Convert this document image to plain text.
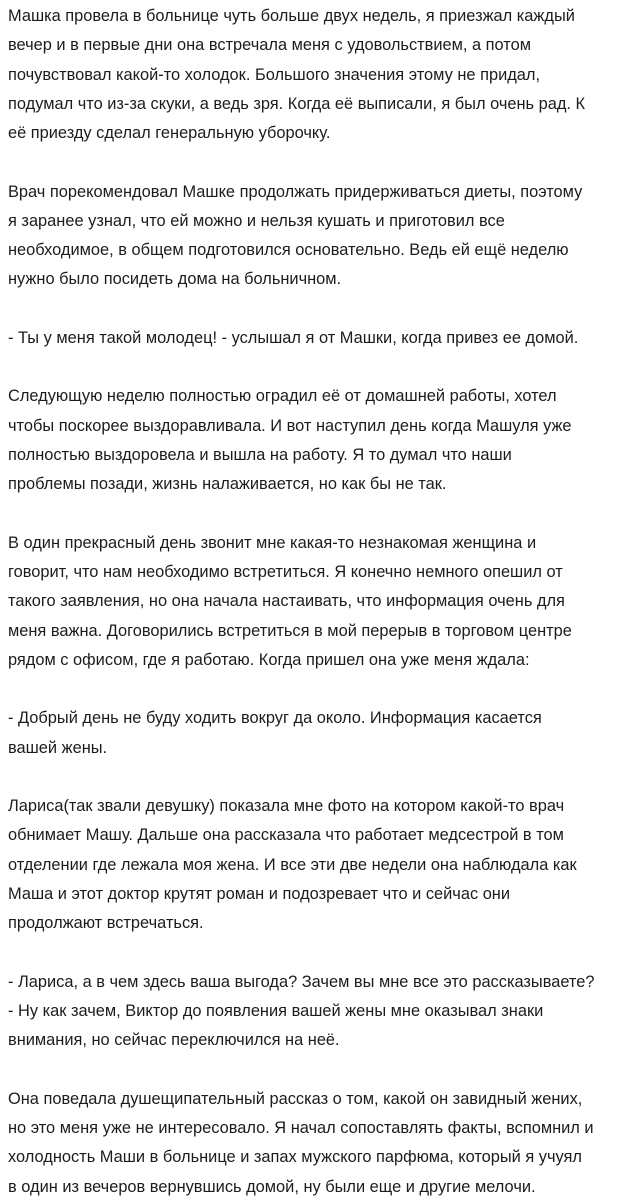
Машка провела в больнице чуть больше двух недель, я приезжал каждый
вечер и в первые дни она встречала меня с удовольствием, а потом
почувствовал какой-то холодок. Большого значения этому не придал,
подумал что из-за скуки, а ведь зря. Когда её выписали, я был очень рад. К
её приезду сделал генеральную уборочку.

Врач порекомендовал Машке продолжать придерживаться диеты, поэтому
я заранее узнал, что ей можно и нельзя кушать и приготовил все
необходимое, в общем подготовился основательно. Ведь ей ещё неделю
нужно было посидеть дома на больничном.

- Ты у меня такой молодец! - услышал я от Машки, когда привез ее домой.

Следующую неделю полностью оградил её от домашней работы, хотел
чтобы поскорее выздоравливала. И вот наступил день когда Машуля уже
полностью выздоровела и вышла на работу. Я то думал что наши
проблемы позади, жизнь налаживается, но как бы не так.

В один прекрасный день звонит мне какая-то незнакомая женщина и
говорит, что нам необходимо встретиться. Я конечно немного опешил от
такого заявления, но она начала настаивать, что информация очень для
меня важна. Договорились встретиться в мой перерыв в торговом центре
рядом с офисом, где я работаю. Когда пришел она уже меня ждала:

- Добрый день не буду ходить вокруг да около. Информация касается
вашей жены.

Лариса(так звали девушку) показала мне фото на котором какой-то врач
обнимает Машу. Дальше она рассказала что работает медсестрой в том
отделении где лежала моя жена. И все эти две недели она наблюдала как
Маша и этот доктор крутят роман и подозревает что и сейчас они
продолжают встречаться.

- Лариса, а в чем здесь ваша выгода? Зачем вы мне все это рассказываете?
- Ну как зачем, Виктор до появления вашей жены мне оказывал знаки
внимания, но сейчас переключился на неё.

Она поведала душещипательный рассказ о том, какой он завидный жених,
но это меня уже не интересовало. Я начал сопоставлять факты, вспомнил и
холодность Маши в больнице и запах мужского парфюма, который я учуял
в один из вечеров вернувшись домой, ну были еще и другие мелочи.
